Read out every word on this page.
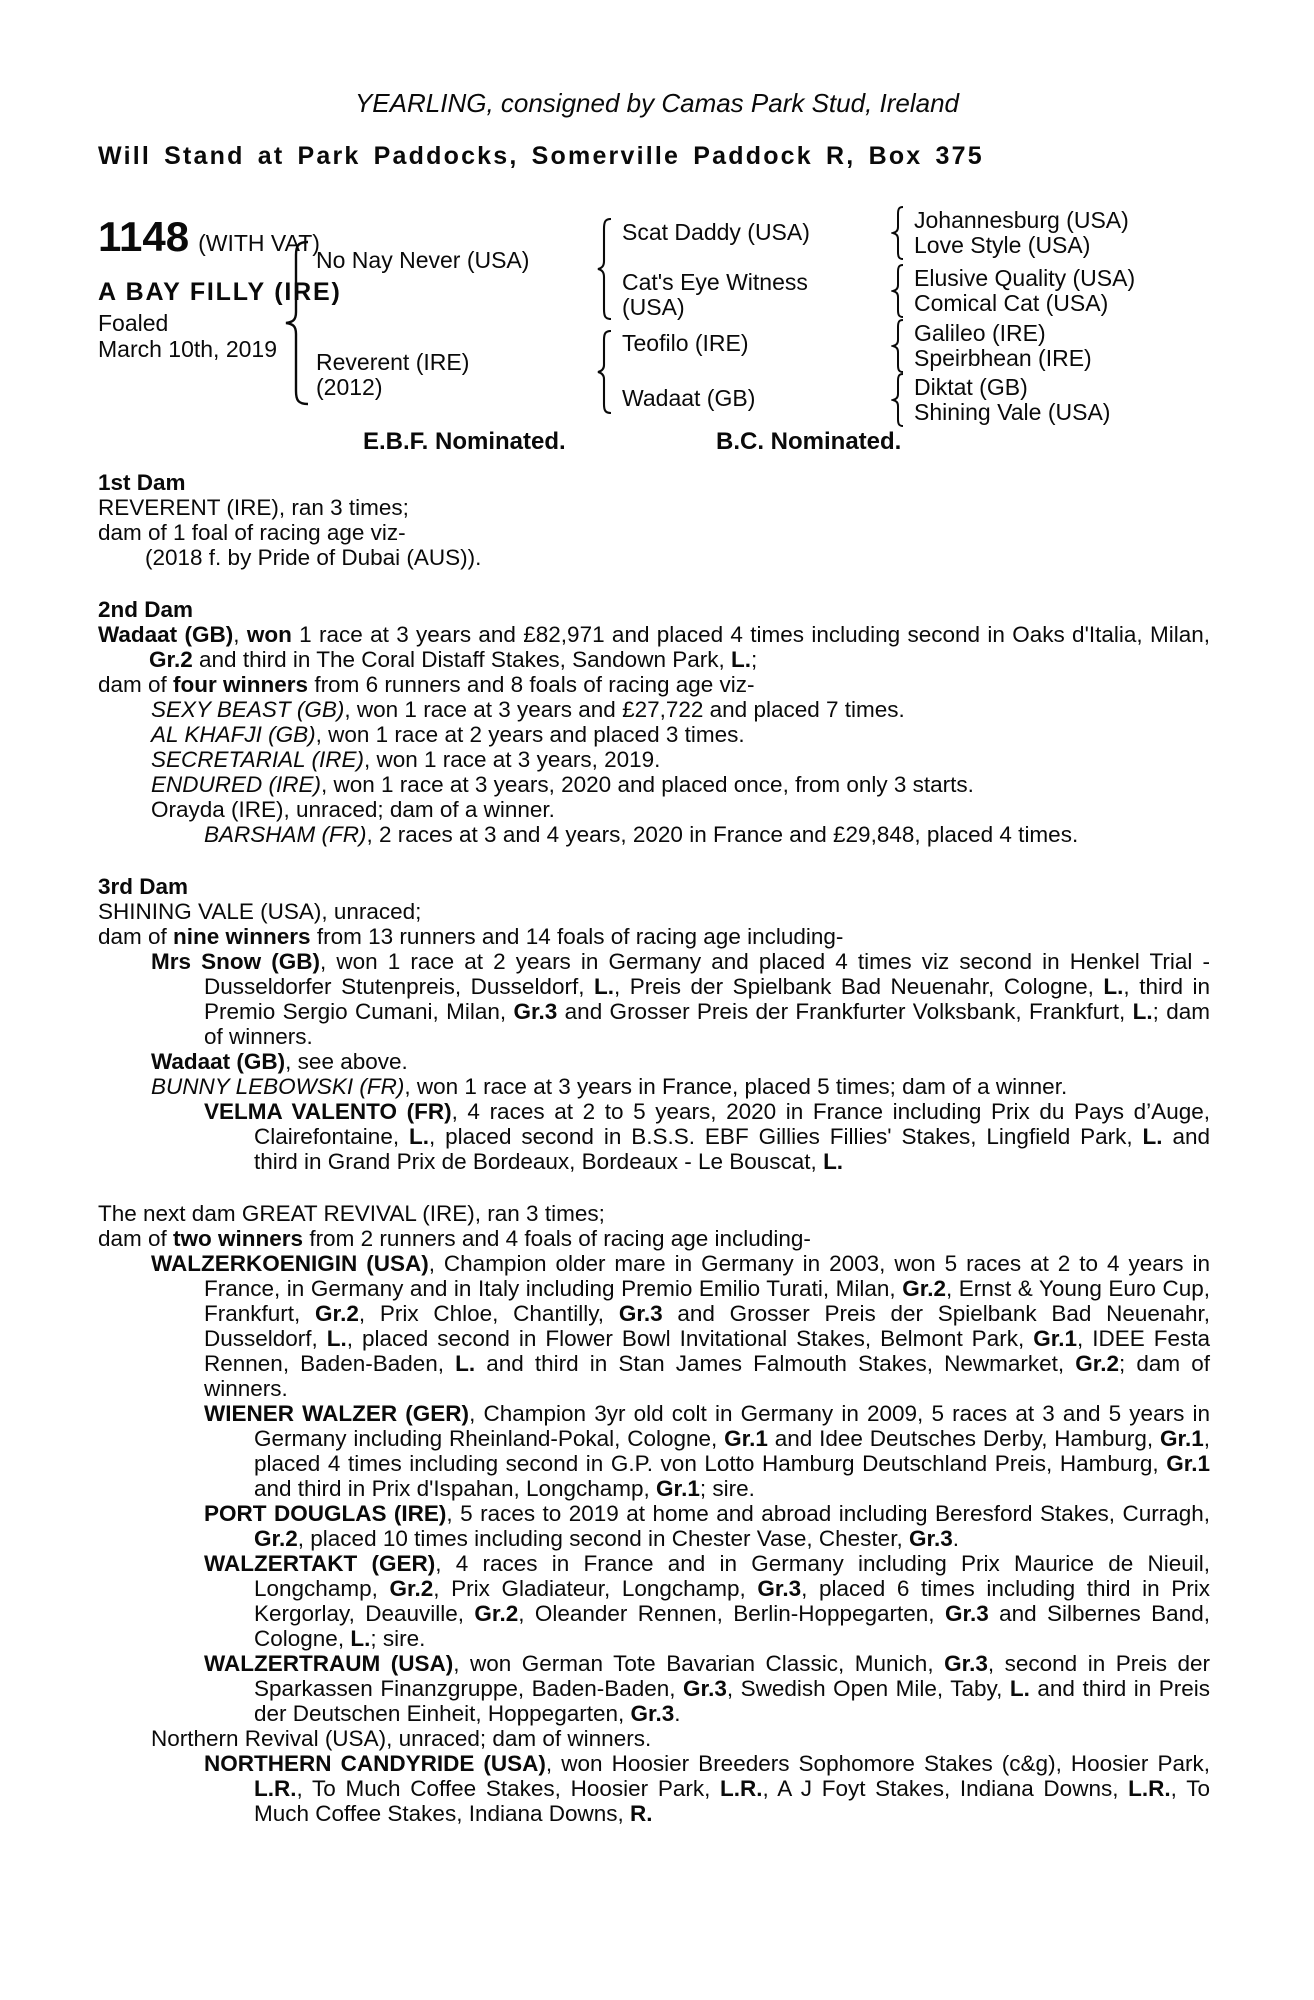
YEARLING, consigned by Camas Park Stud, Ireland
Will Stand at Park Paddocks, Somerville Paddock R, Box 375
1148 (WITH VAT)
A BAY FILLY (IRE)
Foaled
March 10th, 2019
No Nay Never (USA)
Reverent (IRE)
(2012)
Scat Daddy (USA)
Cat's Eye Witness (USA)
Teofilo (IRE)
Wadaat (GB)
Johannesburg (USA)
Love Style (USA)
Elusive Quality (USA)
Comical Cat (USA)
Galileo (IRE)
Speirbhean (IRE)
Diktat (GB)
Shining Vale (USA)
E.B.F. Nominated.	B.C. Nominated.
1st Dam
REVERENT (IRE), ran 3 times;
dam of 1 foal of racing age viz-
(2018 f. by Pride of Dubai (AUS)).
2nd Dam
Wadaat (GB), won 1 race at 3 years and £82,971 and placed 4 times including second in Oaks d'Italia, Milan, Gr.2 and third in The Coral Distaff Stakes, Sandown Park, L.;
dam of four winners from 6 runners and 8 foals of racing age viz-
SEXY BEAST (GB), won 1 race at 3 years and £27,722 and placed 7 times.
AL KHAFJI (GB), won 1 race at 2 years and placed 3 times.
SECRETARIAL (IRE), won 1 race at 3 years, 2019.
ENDURED (IRE), won 1 race at 3 years, 2020 and placed once, from only 3 starts.
Orayda (IRE), unraced; dam of a winner.
BARSHAM (FR), 2 races at 3 and 4 years, 2020 in France and £29,848, placed 4 times.
3rd Dam
SHINING VALE (USA), unraced;
dam of nine winners from 13 runners and 14 foals of racing age including-
Mrs Snow (GB), won 1 race at 2 years in Germany and placed 4 times viz second in Henkel Trial - Dusseldorfer Stutenpreis, Dusseldorf, L., Preis der Spielbank Bad Neuenahr, Cologne, L., third in Premio Sergio Cumani, Milan, Gr.3 and Grosser Preis der Frankfurter Volksbank, Frankfurt, L.; dam of winners.
Wadaat (GB), see above.
BUNNY LEBOWSKI (FR), won 1 race at 3 years in France, placed 5 times; dam of a winner.
VELMA VALENTO (FR), 4 races at 2 to 5 years, 2020 in France including Prix du Pays d’Auge, Clairefontaine, L., placed second in B.S.S. EBF Gillies Fillies' Stakes, Lingfield Park, L. and third in Grand Prix de Bordeaux, Bordeaux - Le Bouscat, L.
The next dam GREAT REVIVAL (IRE), ran 3 times;
dam of two winners from 2 runners and 4 foals of racing age including-
WALZERKOENIGIN (USA), Champion older mare in Germany in 2003, won 5 races at 2 to 4 years in France, in Germany and in Italy including Premio Emilio Turati, Milan, Gr.2, Ernst & Young Euro Cup, Frankfurt, Gr.2, Prix Chloe, Chantilly, Gr.3 and Grosser Preis der Spielbank Bad Neuenahr, Dusseldorf, L., placed second in Flower Bowl Invitational Stakes, Belmont Park, Gr.1, IDEE Festa Rennen, Baden-Baden, L. and third in Stan James Falmouth Stakes, Newmarket, Gr.2; dam of winners.
WIENER WALZER (GER), Champion 3yr old colt in Germany in 2009, 5 races at 3 and 5 years in Germany including Rheinland-Pokal, Cologne, Gr.1 and Idee Deutsches Derby, Hamburg, Gr.1, placed 4 times including second in G.P. von Lotto Hamburg Deutschland Preis, Hamburg, Gr.1 and third in Prix d'Ispahan, Longchamp, Gr.1; sire.
PORT DOUGLAS (IRE), 5 races to 2019 at home and abroad including Beresford Stakes, Curragh, Gr.2, placed 10 times including second in Chester Vase, Chester, Gr.3.
WALZERTAKT (GER), 4 races in France and in Germany including Prix Maurice de Nieuil, Longchamp, Gr.2, Prix Gladiateur, Longchamp, Gr.3, placed 6 times including third in Prix Kergorlay, Deauville, Gr.2, Oleander Rennen, Berlin-Hoppegarten, Gr.3 and Silbernes Band, Cologne, L.; sire.
WALZERTRAUM (USA), won German Tote Bavarian Classic, Munich, Gr.3, second in Preis der Sparkassen Finanzgruppe, Baden-Baden, Gr.3, Swedish Open Mile, Taby, L. and third in Preis der Deutschen Einheit, Hoppegarten, Gr.3.
Northern Revival (USA), unraced; dam of winners.
NORTHERN CANDYRIDE (USA), won Hoosier Breeders Sophomore Stakes (c&g), Hoosier Park, L.R., To Much Coffee Stakes, Hoosier Park, L.R., A J Foyt Stakes, Indiana Downs, L.R., To Much Coffee Stakes, Indiana Downs, R.
